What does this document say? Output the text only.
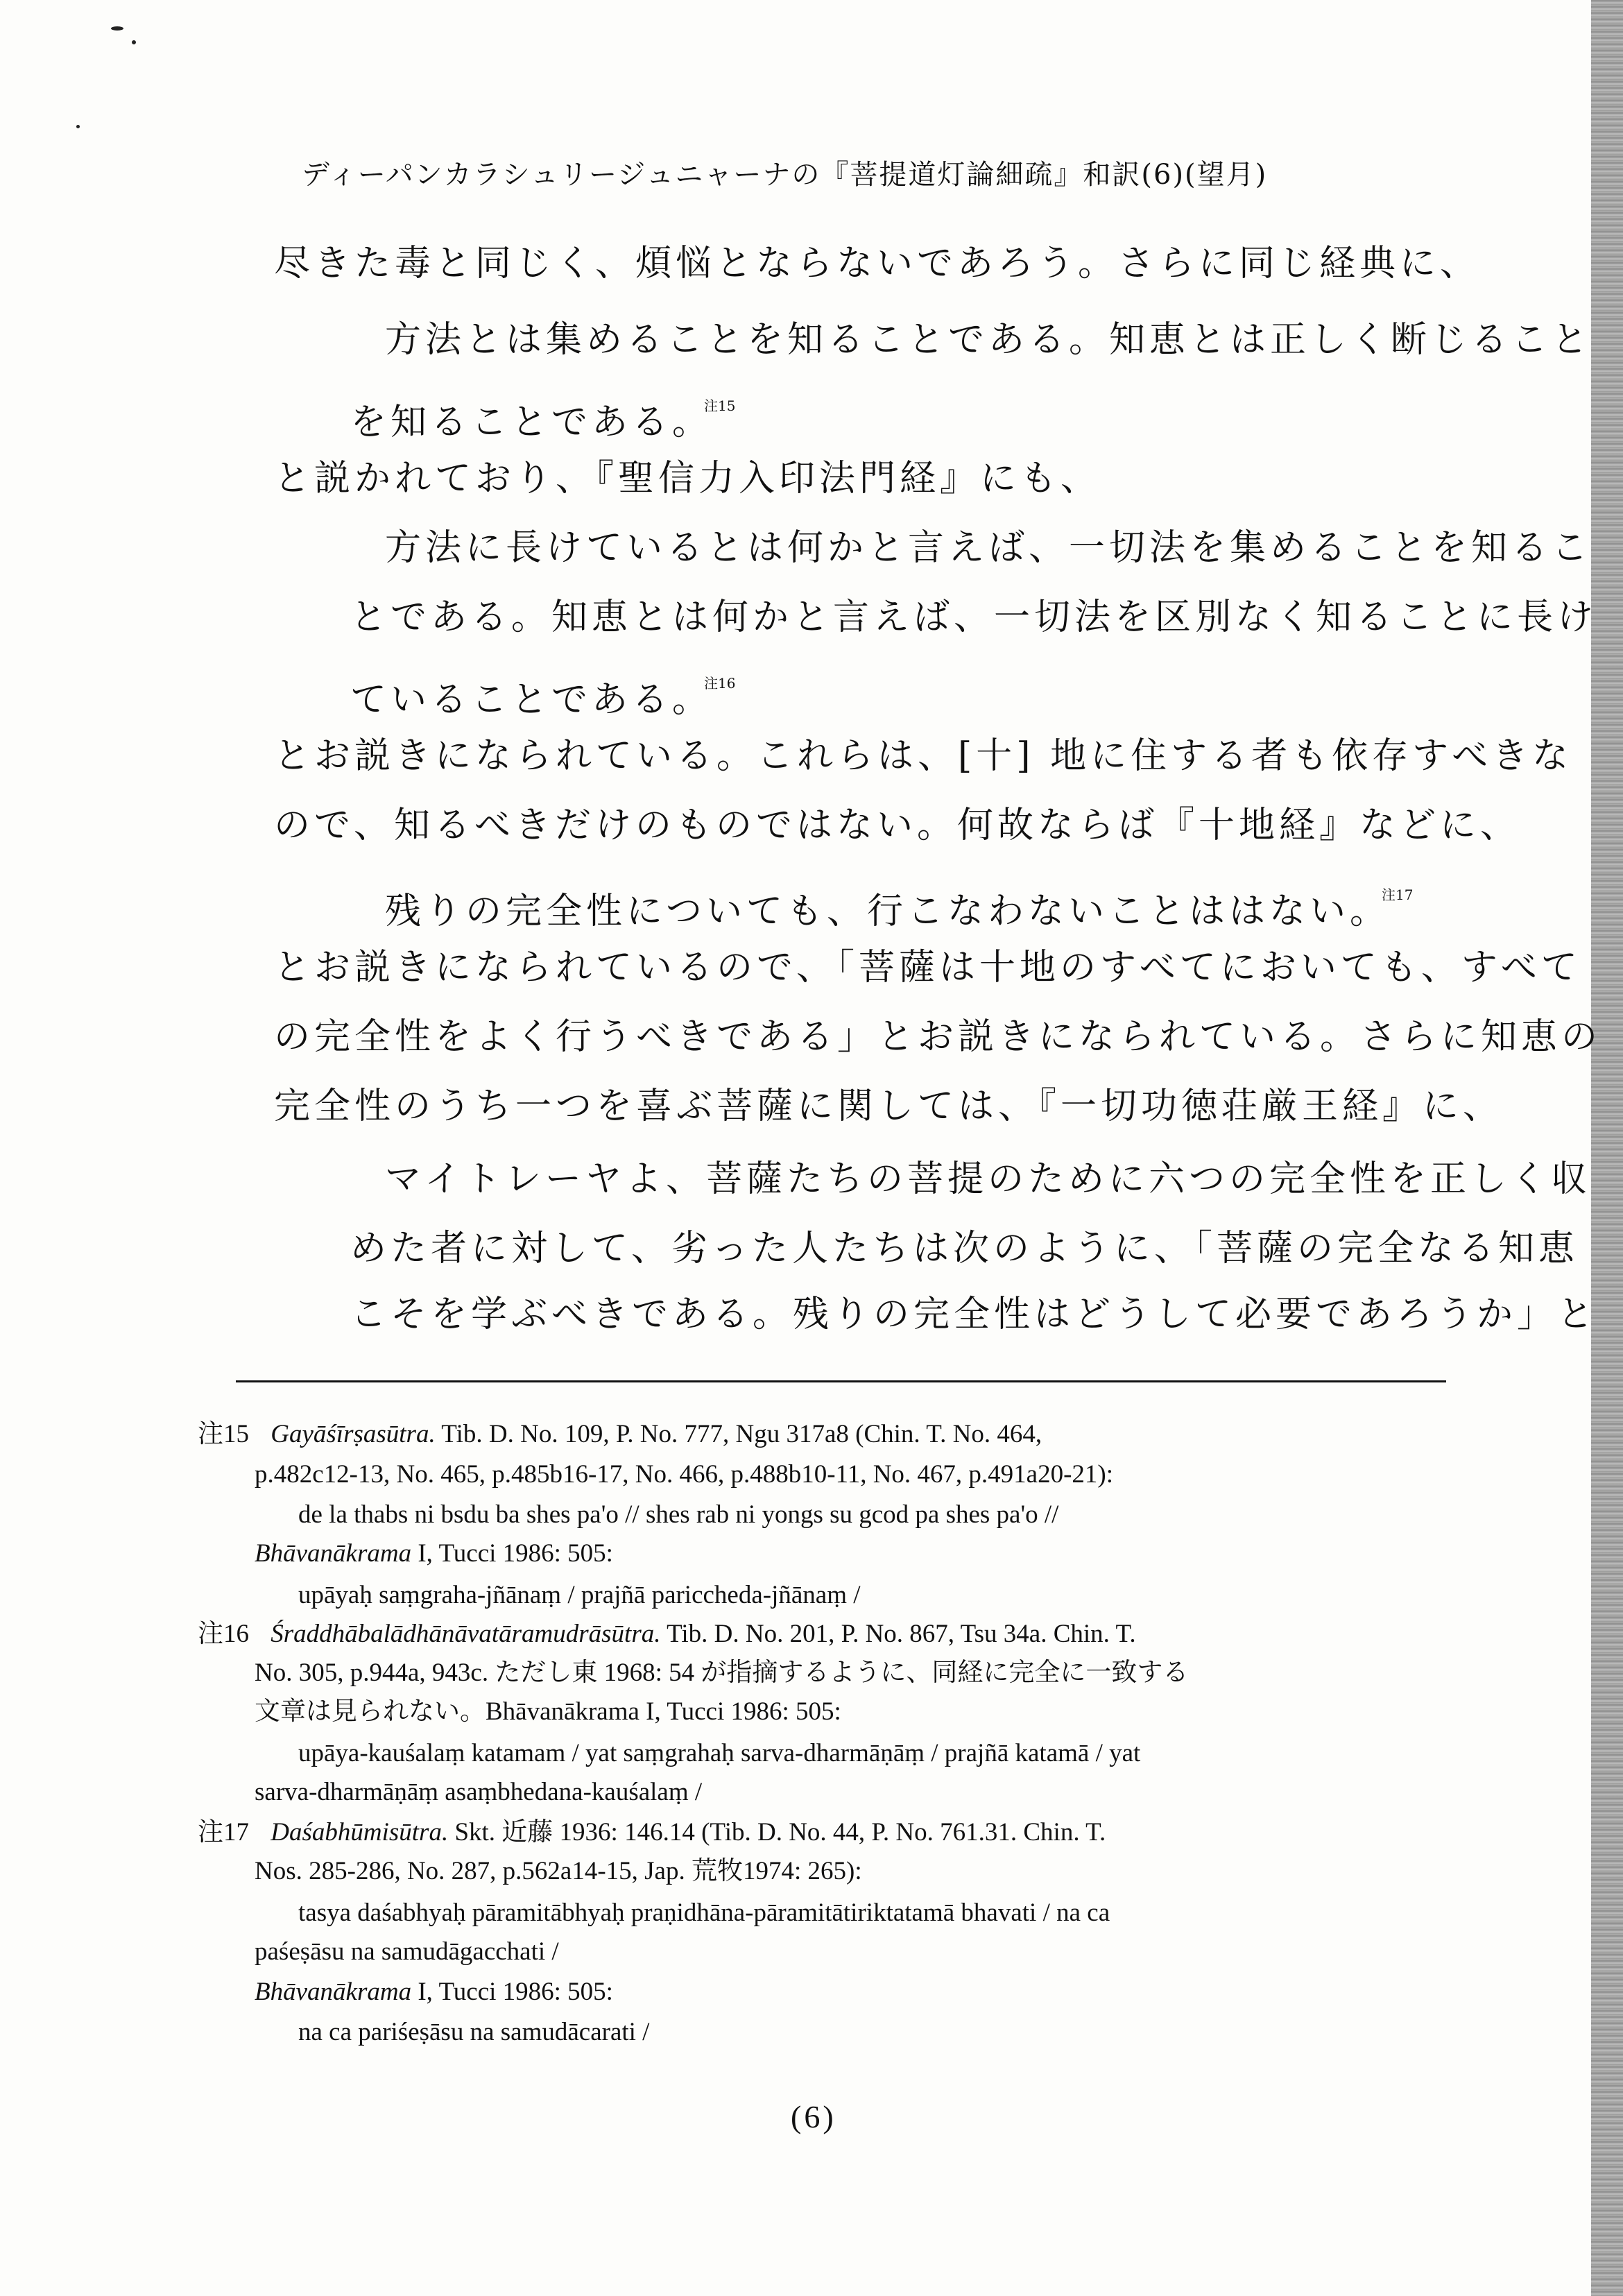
ディーパンカラシュリージュニャーナの『菩提道灯論細疏』和訳(6)(望月)
尽きた毒と同じく、煩悩とならないであろう。さらに同じ経典に、
方法とは集めることを知ることである。知恵とは正しく断じること
を知ることである。$^{注15}$
と説かれており、『聖信力入印法門経』にも、
方法に長けているとは何かと言えば、一切法を集めることを知るこ
とである。知恵とは何かと言えば、一切法を区別なく知ることに長け
ていることである。$^{注16}$
とお説きになられている。これらは、[十] 地に住する者も依存すべきな
ので、知るべきだけのものではない。何故ならば『十地経』などに、
残りの完全性についても、行こなわないことははない。$^{注17}$
とお説きになられているので、「菩薩は十地のすべてにおいても、すべて
の完全性をよく行うべきである」とお説きになられている。さらに知恵の
完全性のうち一つを喜ぶ菩薩に関しては、『一切功徳荘厳王経』に、
マイトレーヤよ、菩薩たちの菩提のために六つの完全性を正しく収
めた者に対して、劣った人たちは次のように、「菩薩の完全なる知恵
こそを学ぶべきである。残りの完全性はどうして必要であろうか」と
注15 Gayāśīrṣasūtra. Tib. D. No. 109, P. No. 777, Ngu 317a8 (Chin. T. No. 464,
p.482c12-13, No. 465, p.485b16-17, No. 466, p.488b10-11, No. 467, p.491a20-21):
de la thabs ni bsdu ba shes pa'o // shes rab ni yongs su gcod pa shes pa'o //
Bhāvanākrama I, Tucci 1986: 505:
upāyaḥ saṃgraha-jñānaṃ / prajñā pariccheda-jñānaṃ /
注16 Śraddhābalādhānāvatāramudrāsūtra. Tib. D. No. 201, P. No. 867, Tsu 34a. Chin. T.
No. 305, p.944a, 943c. ただし東 1968: 54 が指摘するように、同経に完全に一致する
文章は見られない。Bhāvanākrama I, Tucci 1986: 505:
upāya-kauśalaṃ katamam / yat saṃgrahaḥ sarva-dharmāṇāṃ / prajñā katamā / yat
sarva-dharmāṇāṃ asaṃbhedana-kauśalaṃ /
注17 Daśabhūmisūtra. Skt. 近藤 1936: 146.14 (Tib. D. No. 44, P. No. 761.31. Chin. T.
Nos. 285-286, No. 287, p.562a14-15, Jap. 荒牧1974: 265):
tasya daśabhyaḥ pāramitābhyaḥ praṇidhāna-pāramitātiriktatamā bhavati / na ca
paśeṣāsu na samudāgacchati /
Bhāvanākrama I, Tucci 1986: 505:
na ca pariśeṣāsu na samudācarati /
(6)
